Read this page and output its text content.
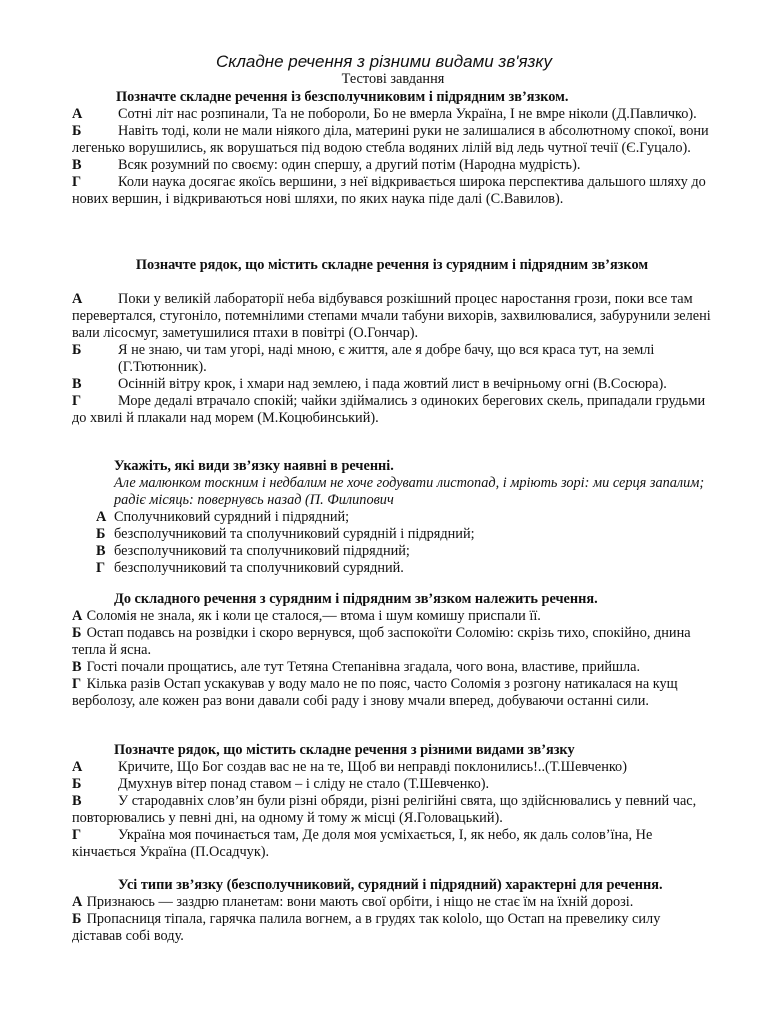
Складне речення з різними видами зв'язку
Тестові завдання
Позначте складне речення із безсполучниковим і підрядним зв’язком.
А Сотні літ нас розпинали, Та не побороли, Бо не вмерла Україна, І не вмре ніколи (Д.Павличко).
Б	Навіть тоді, коли не мали ніякого діла, материні руки не залишалися в абсолютному спокої, вони легенько ворушились, як ворушаться під водою стебла водяних лілій від ледь чутної течії (Є.Гуцало).
В	Всяк розумний по своєму: один спершу, а другий потім (Народна мудрість).
Г	Коли наука досягає якоїсь вершини, з неї відкривається широка перспектива дальшого шляху до нових вершин, і відкриваються нові шляхи, по яких наука піде далі (С.Вавилов).
Позначте рядок, що містить складне речення із сурядним і підрядним зв’язком
А Поки у великій лабораторії неба відбувався розкішний процес наростання грози, поки все там перевертался, стугоніло, потемнілими степами мчали табуни вихорів, захвилювалися, забурунили зелені вали лісосмуг, заметушилися птахи в повітрі (О.Гончар).
Б	Я не знаю, чи там угорі, наді мною, є життя, але я добре бачу, що вся краса тут, на землі
(Г.Тютюнник).
В	Осінній вітру крок, і хмари над землею, і пада жовтий лист в вечірньому огні (В.Сосюра).
Г	Море дедалі втрачало спокій; чайки здіймались з одиноких берегових скель, припадали грудьми до хвилі й плакали над морем (М.Коцюбинський).
Укажіть, які види зв’язку наявні в реченні.
Але малюнком тоскним і недбалим не хоче годувати листопад, і мріють зорі: ми серця запалим; радіє місяць: повернувсь назад (П. Филипович
А Сполучниковий сурядний і підрядний;
Б безсполучниковий та сполучниковий сурядній і підрядний;
В безсполучниковий та сполучниковий підрядний;
Г безсполучниковий та сполучниковий сурядний.
До складного речення з сурядним і підрядним зв’язком належить речення.
А Соломія не знала, як і коли це сталося,— втома і шум комишу приспали її.
Б Остап подавсь на розвідки і скоро вернувся, щоб заспокоїти Соломію: скрізь тихо, спокійно, днина тепла й ясна.
В Гості почали прощатись, але тут Тетяна Степанівна згадала, чого вона, властиве, прийшла.
Г Кілька разів Остап ускакував у воду мало не по пояс, часто Соломія з розгону натикалася на кущ верболозу, але кожен раз вони давали собі раду і знову мчали вперед, добуваючи останні сили.
Позначте рядок, що містить складне речення з різними видами зв’язку
А Кричите, Що Бог создав вас не на те, Щоб ви неправді поклонились!..(Т.Шевченко)
Б	Дмухнув вітер понад ставом – і сліду не стало (Т.Шевченко).
В	У стародавніх слов’ян були різні обряди, різні релігійні свята, що здійснювались у певний час, повторювались у певні дні, на одному й тому ж місці (Я.Головацький).
Г	Україна моя починається там, Де доля моя усміхається, І, як небо, як даль солов’їна, Не кінчається Україна (П.Осадчук).
Усі типи зв’язку (безсполучниковий, сурядний і підрядний) характерні для речення.
А Признаюсь — заздрю планетам: вони мають свої орбіти, і ніщо не стає їм на їхній дорозі.
Б Пропасниця тіпала, гарячка палила вогнем, а в грудях так кololo, що Остап на превелику силу діставав собі воду.
